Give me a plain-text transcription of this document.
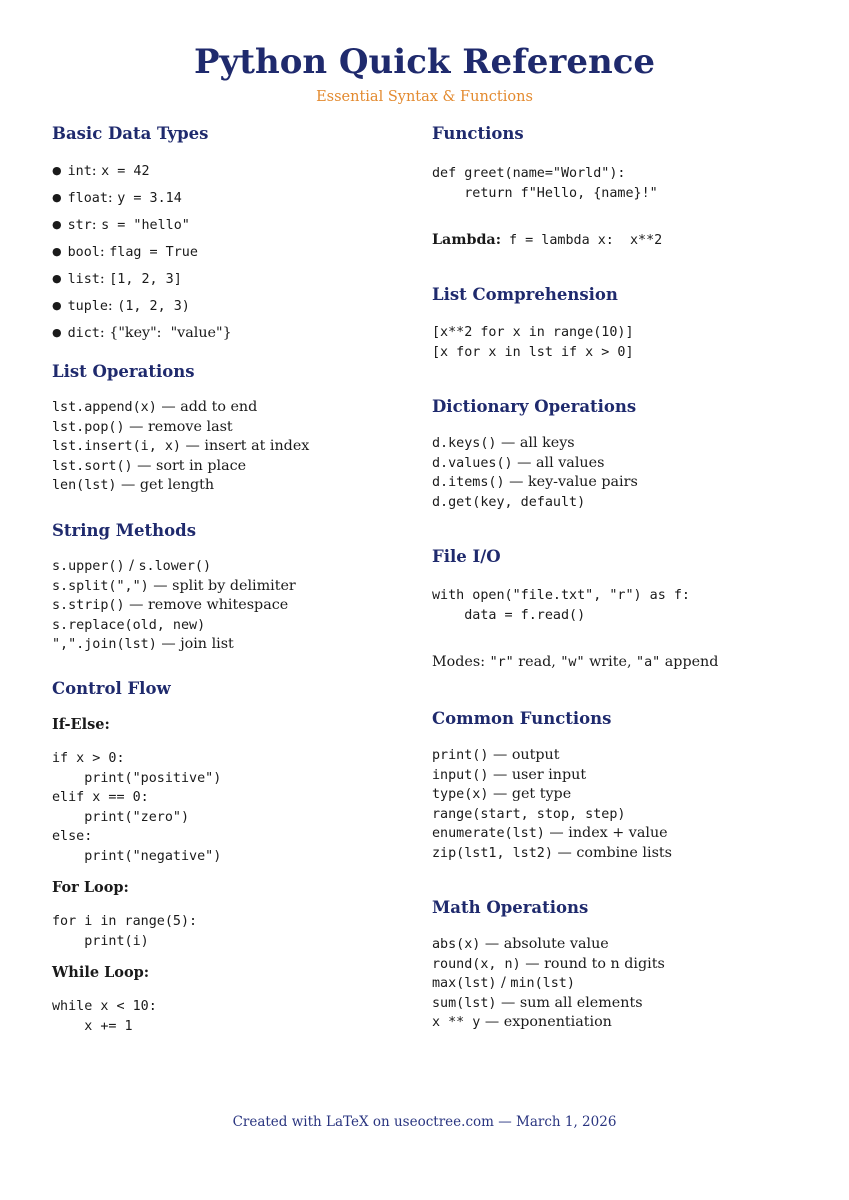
Python Quick Reference
Essential Syntax & Functions
Basic Data Types
● int: x = 42
● float: y = 3.14
● str: s = "hello"
● bool: flag = True
● list: [1, 2, 3]
● tuple: (1, 2, 3)
● dict: {"key":  "value"}
List Operations
lst.append(x) — add to end
lst.pop() — remove last
lst.insert(i, x) — insert at index
lst.sort() — sort in place
len(lst) — get length
String Methods
s.upper() / s.lower()
s.split(",") — split by delimiter
s.strip() — remove whitespace
s.replace(old, new)
",".join(lst) — join list
Control Flow
If-Else:
if x > 0:
print("positive")
elif x == 0:
print("zero")
else:
print("negative")
For Loop:
for i in range(5):
print(i)
While Loop:
while x < 10:
x += 1
Functions
def greet(name="World"):
return f"Hello, {name}!"
Lambda: f = lambda x:  x**2
List Comprehension
[x**2 for x in range(10)]
[x for x in lst if x > 0]
Dictionary Operations
d.keys() — all keys
d.values() — all values
d.items() — key-value pairs
d.get(key, default)
File I/O
with open("file.txt", "r") as f:
data = f.read()
Modes: "r" read, "w" write, "a" append
Common Functions
print() — output
input() — user input
type(x) — get type
range(start, stop, step)
enumerate(lst) — index + value
zip(lst1, lst2) — combine lists
Math Operations
abs(x) — absolute value
round(x, n) — round to n digits
max(lst) / min(lst)
sum(lst) — sum all elements
x ** y — exponentiation
Created with LaTeX on useoctree.com — March 1, 2026
